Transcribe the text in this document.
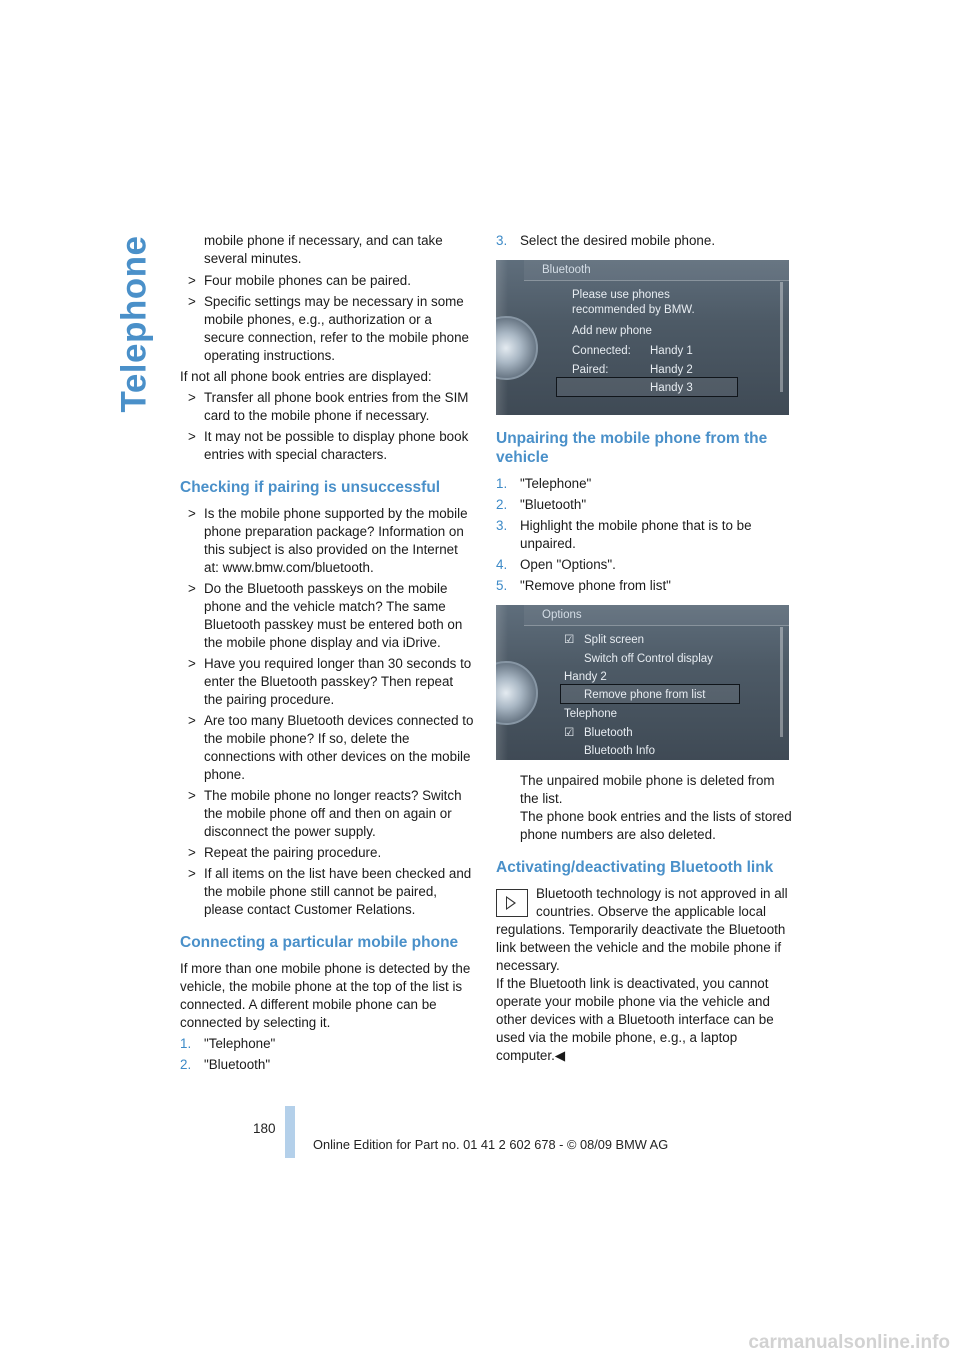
Telephone	mobile phone if necessary, and can take several minutes.

> Four mobile phones can be paired.
> Specific settings may be necessary in some mobile phones, e.g., authorization or a secure connection, refer to the mobile phone operating instructions.

If not all phone book entries are displayed:

> Transfer all phone book entries from the SIM card to the mobile phone if necessary.
> It may not be possible to display phone book entries with special characters.
Checking if pairing is unsuccessful
> Is the mobile phone supported by the mobile phone preparation package? Information on this subject is also provided on the Internet at: www.bmw.com/bluetooth.
> Do the Bluetooth passkeys on the mobile phone and the vehicle match? The same Bluetooth passkey must be entered both on the mobile phone display and via iDrive.
> Have you required longer than 30 seconds to enter the Bluetooth passkey? Then repeat the pairing procedure.
> Are too many Bluetooth devices connected to the mobile phone? If so, delete the connections with other devices on the mobile phone.
> The mobile phone no longer reacts? Switch the mobile phone off and then on again or disconnect the power supply.
> Repeat the pairing procedure.
> If all items on the list have been checked and the mobile phone still cannot be paired, please contact Customer Relations.
Connecting a particular mobile phone

If more than one mobile phone is detected by the vehicle, the mobile phone at the top of the list is connected. A different mobile phone can be connected by selecting it.

1. "Telephone"
2. "Bluetooth"
3. Select the desired mobile phone.
Bluetooth
Please use phones
recommended by BMW.
Add new phone
Connected: Handy 1
Paired:	Handy 2
Handy 3
Unpairing the mobile phone from the vehicle
1. "Telephone"
2. "Bluetooth"
3. Highlight the mobile phone that is to be unpaired.
4. Open "Options".
5. "Remove phone from list"
Options
☑ Split screen
Switch off Control display
Handy 2
Remove phone from list
Telephone
☑ Bluetooth
Bluetooth Info

The unpaired mobile phone is deleted from the list.

The phone book entries and the lists of stored phone numbers are also deleted.

Activating/deactivating Bluetooth link

Bluetooth technology is not approved in all countries. Observe the applicable local regulations. Temporarily deactivate the Bluetooth link between the vehicle and the mobile phone if necessary.

If the Bluetooth link is deactivated, you cannot operate your mobile phone via the vehicle and other devices with a Bluetooth interface can be used via the mobile phone, e.g., a laptop computer.◀

180
Online Edition for Part no. 01 41 2 602 678 - © 08/09 BMW AG
carmanualsonline.info
